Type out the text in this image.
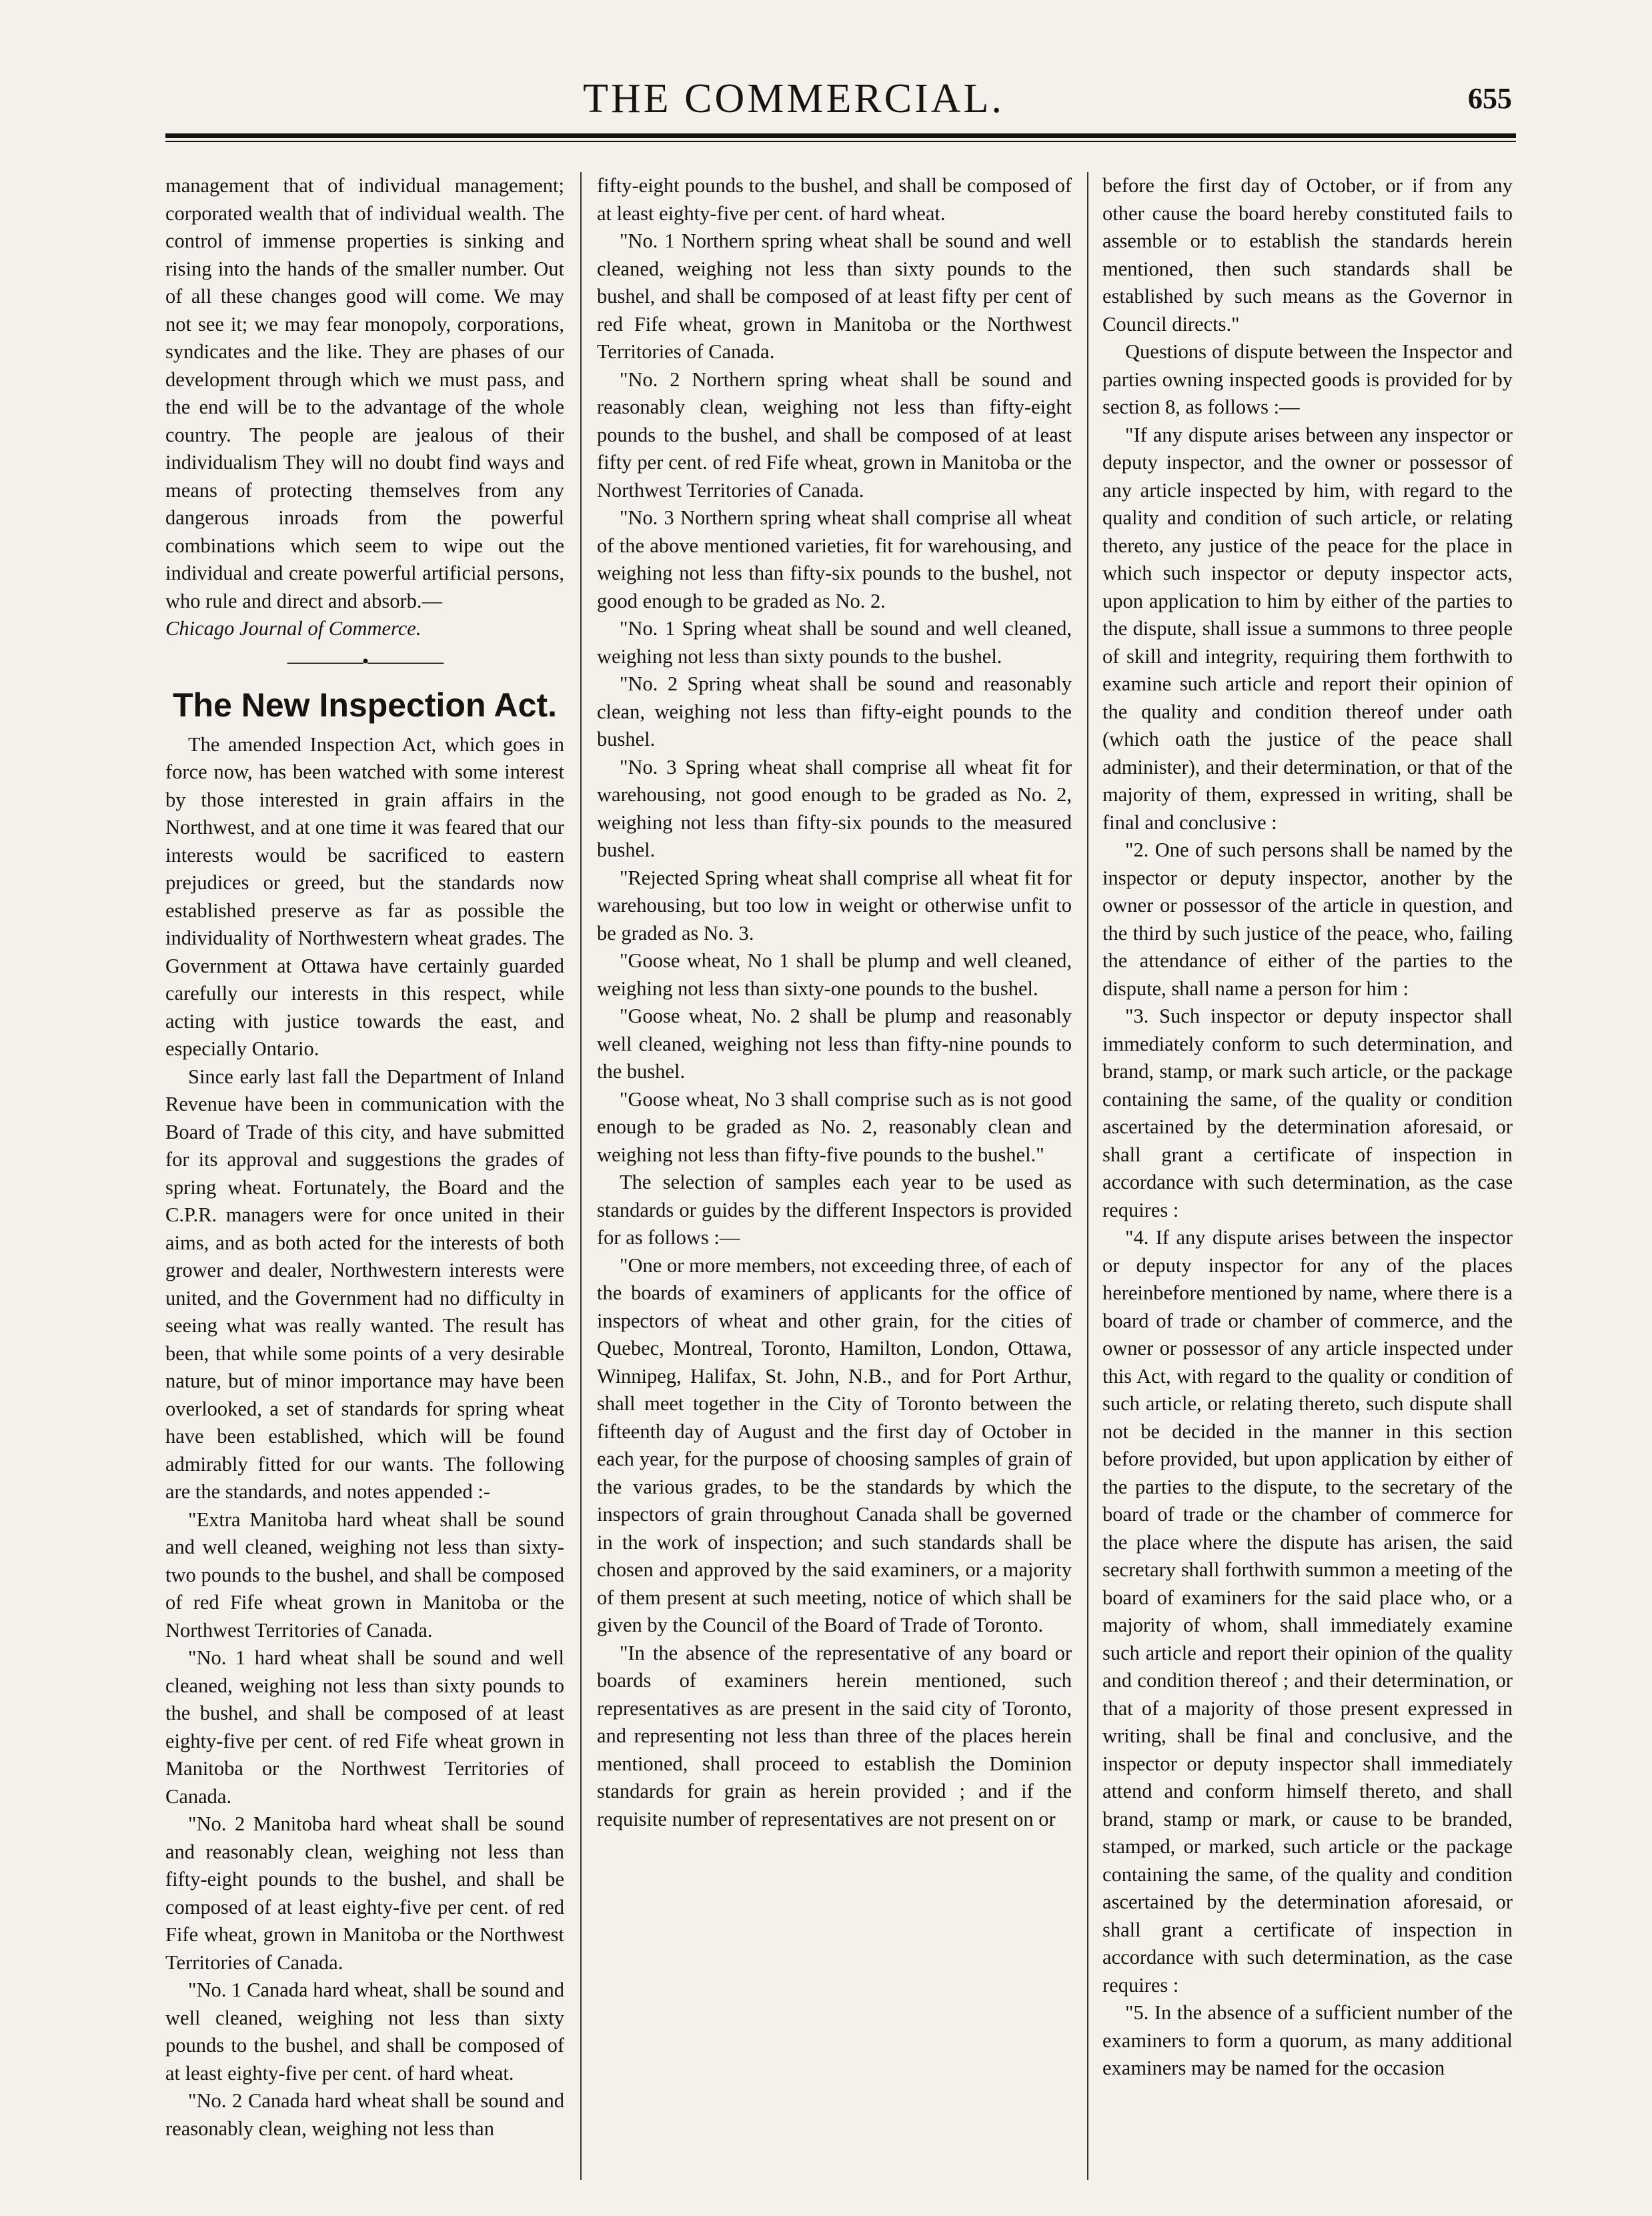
THE COMMERCIAL.	655

management that of individual management; corporated wealth that of individual wealth. The control of immense properties is sinking and rising into the hands of the smaller number. Out of all these changes good will come. We may not see it; we may fear monopoly, corporations, syndicates and the like. They are phases of our development through which we must pass, and the end will be to the advantage of the whole country. The people are jealous of their individualism They will no doubt find ways and means of protecting themselves from any dangerous inroads from the powerful combinations which seem to wipe out the individual and create powerful artificial persons, who rule and direct and absorb.—

Chicago Journal of Commerce.

————•————
The New Inspection Act.

The amended Inspection Act, which goes in force now, has been watched with some interest by those interested in grain affairs in the Northwest, and at one time it was feared that our interests would be sacrificed to eastern prejudices or greed, but the standards now established preserve as far as possible the individuality of Northwestern wheat grades. The Government at Ottawa have certainly guarded carefully our interests in this respect, while acting with justice towards the east, and especially Ontario.

Since early last fall the Department of Inland Revenue have been in communication with the Board of Trade of this city, and have submitted for its approval and suggestions the grades of spring wheat. Fortunately, the Board and the C.P.R. managers were for once united in their aims, and as both acted for the interests of both grower and dealer, Northwestern interests were united, and the Government had no difficulty in seeing what was really wanted. The result has been, that while some points of a very desirable nature, but of minor importance may have been overlooked, a set of standards for spring wheat have been established, which will be found admirably fitted for our wants. The following are the standards, and notes appended :-

"Extra Manitoba hard wheat shall be sound and well cleaned, weighing not less than sixty-two pounds to the bushel, and shall be composed of red Fife wheat grown in Manitoba or the Northwest Territories of Canada.

"No. 1 hard wheat shall be sound and well cleaned, weighing not less than sixty pounds to the bushel, and shall be composed of at least eighty-five per cent. of red Fife wheat grown in Manitoba or the Northwest Territories of Canada.

"No. 2 Manitoba hard wheat shall be sound and reasonably clean, weighing not less than fifty-eight pounds to the bushel, and shall be composed of at least eighty-five per cent. of red Fife wheat, grown in Manitoba or the Northwest Territories of Canada.

"No. 1 Canada hard wheat, shall be sound and well cleaned, weighing not less than sixty pounds to the bushel, and shall be composed of at least eighty-five per cent. of hard wheat.

"No. 2 Canada hard wheat shall be sound and reasonably clean, weighing not less than

fifty-eight pounds to the bushel, and shall be composed of at least eighty-five per cent. of hard wheat.

"No. 1 Northern spring wheat shall be sound and well cleaned, weighing not less than sixty pounds to the bushel, and shall be composed of at least fifty per cent of red Fife wheat, grown in Manitoba or the Northwest Territories of Canada.

"No. 2 Northern spring wheat shall be sound and reasonably clean, weighing not less than fifty-eight pounds to the bushel, and shall be composed of at least fifty per cent. of red Fife wheat, grown in Manitoba or the Northwest Territories of Canada.

"No. 3 Northern spring wheat shall comprise all wheat of the above mentioned varieties, fit for warehousing, and weighing not less than fifty-six pounds to the bushel, not good enough to be graded as No. 2.

"No. 1 Spring wheat shall be sound and well cleaned, weighing not less than sixty pounds to the bushel.

"No. 2 Spring wheat shall be sound and reasonably clean, weighing not less than fifty-eight pounds to the bushel.

"No. 3 Spring wheat shall comprise all wheat fit for warehousing, not good enough to be graded as No. 2, weighing not less than fifty-six pounds to the measured bushel.

"Rejected Spring wheat shall comprise all wheat fit for warehousing, but too low in weight or otherwise unfit to be graded as No. 3.

"Goose wheat, No 1 shall be plump and well cleaned, weighing not less than sixty-one pounds to the bushel.

"Goose wheat, No. 2 shall be plump and reasonably well cleaned, weighing not less than fifty-nine pounds to the bushel.

"Goose wheat, No 3 shall comprise such as is not good enough to be graded as No. 2, reasonably clean and weighing not less than fifty-five pounds to the bushel."

The selection of samples each year to be used as standards or guides by the different Inspectors is provided for as follows :—

"One or more members, not exceeding three, of each of the boards of examiners of applicants for the office of inspectors of wheat and other grain, for the cities of Quebec, Montreal, Toronto, Hamilton, London, Ottawa, Winnipeg, Halifax, St. John, N.B., and for Port Arthur, shall meet together in the City of Toronto between the fifteenth day of August and the first day of October in each year, for the purpose of choosing samples of grain of the various grades, to be the standards by which the inspectors of grain throughout Canada shall be governed in the work of inspection; and such standards shall be chosen and approved by the said examiners, or a majority of them present at such meeting, notice of which shall be given by the Council of the Board of Trade of Toronto.

"In the absence of the representative of any board or boards of examiners herein mentioned, such representatives as are present in the said city of Toronto, and representing not less than three of the places herein mentioned, shall proceed to establish the Dominion standards for grain as herein provided ; and if the requisite number of representatives are not present on or

before the first day of October, or if from any other cause the board hereby constituted fails to assemble or to establish the standards herein mentioned, then such standards shall be established by such means as the Governor in Council directs."

Questions of dispute between the Inspector and parties owning inspected goods is provided for by section 8, as follows :—

"If any dispute arises between any inspector or deputy inspector, and the owner or possessor of any article inspected by him, with regard to the quality and condition of such article, or relating thereto, any justice of the peace for the place in which such inspector or deputy inspector acts, upon application to him by either of the parties to the dispute, shall issue a summons to three people of skill and integrity, requiring them forthwith to examine such article and report their opinion of the quality and condition thereof under oath (which oath the justice of the peace shall administer), and their determination, or that of the majority of them, expressed in writing, shall be final and conclusive :

"2. One of such persons shall be named by the inspector or deputy inspector, another by the owner or possessor of the article in question, and the third by such justice of the peace, who, failing the attendance of either of the parties to the dispute, shall name a person for him :

"3. Such inspector or deputy inspector shall immediately conform to such determination, and brand, stamp, or mark such article, or the package containing the same, of the quality or condition ascertained by the determination aforesaid, or shall grant a certificate of inspection in accordance with such determination, as the case requires :

"4. If any dispute arises between the inspector or deputy inspector for any of the places hereinbefore mentioned by name, where there is a board of trade or chamber of commerce, and the owner or possessor of any article inspected under this Act, with regard to the quality or condition of such article, or relating thereto, such dispute shall not be decided in the manner in this section before provided, but upon application by either of the parties to the dispute, to the secretary of the board of trade or the chamber of commerce for the place where the dispute has arisen, the said secretary shall forthwith summon a meeting of the board of examiners for the said place who, or a majority of whom, shall immediately examine such article and report their opinion of the quality and condition thereof ; and their determination, or that of a majority of those present expressed in writing, shall be final and conclusive, and the inspector or deputy inspector shall immediately attend and conform himself thereto, and shall brand, stamp or mark, or cause to be branded, stamped, or marked, such article or the package containing the same, of the quality and condition ascertained by the determination aforesaid, or shall grant a certificate of inspection in accordance with such determination, as the case requires :

"5. In the absence of a sufficient number of the examiners to form a quorum, as many additional examiners may be named for the occasion
